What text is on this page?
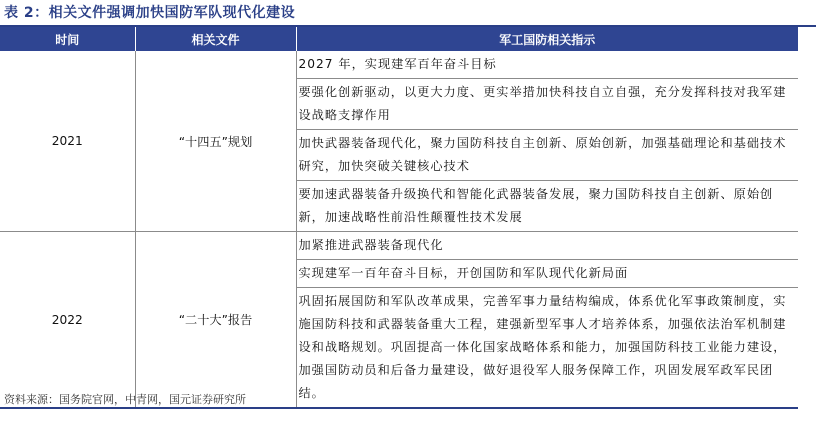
表 2：相关文件强调加快国防军队现代化建设
时间	相关文件	军工国防相关指示
2021	“十四五”规划	2027 年，实现建军百年奋斗目标
要强化创新驱动，以更大力度、更实举措加快科技自立自强，充分发挥科技对我军建设战略支撑作用
加快武器装备现代化，聚力国防科技自主创新、原始创新，加强基础理论和基础技术研究，加快突破关键核心技术
要加速武器装备升级换代和智能化武器装备发展，聚力国防科技自主创新、原始创新，加速战略性前沿性颠覆性技术发展

2022	“二十大”报告	加紧推进武器装备现代化
实现建军一百年奋斗目标，开创国防和军队现代化新局面
巩固拓展国防和军队改革成果，完善军事力量结构编成，体系优化军事政策制度，实施国防科技和武器装备重大工程，建强新型军事人才培养体系，加强依法治军机制建设和战略规划。巩固提高一体化国家战略体系和能力，加强国防科技工业能力建设，加强国防动员和后备力量建设，做好退役军人服务保障工作，巩固发展军政军民团结。
资料来源：国务院官网，中青网，国元证券研究所
